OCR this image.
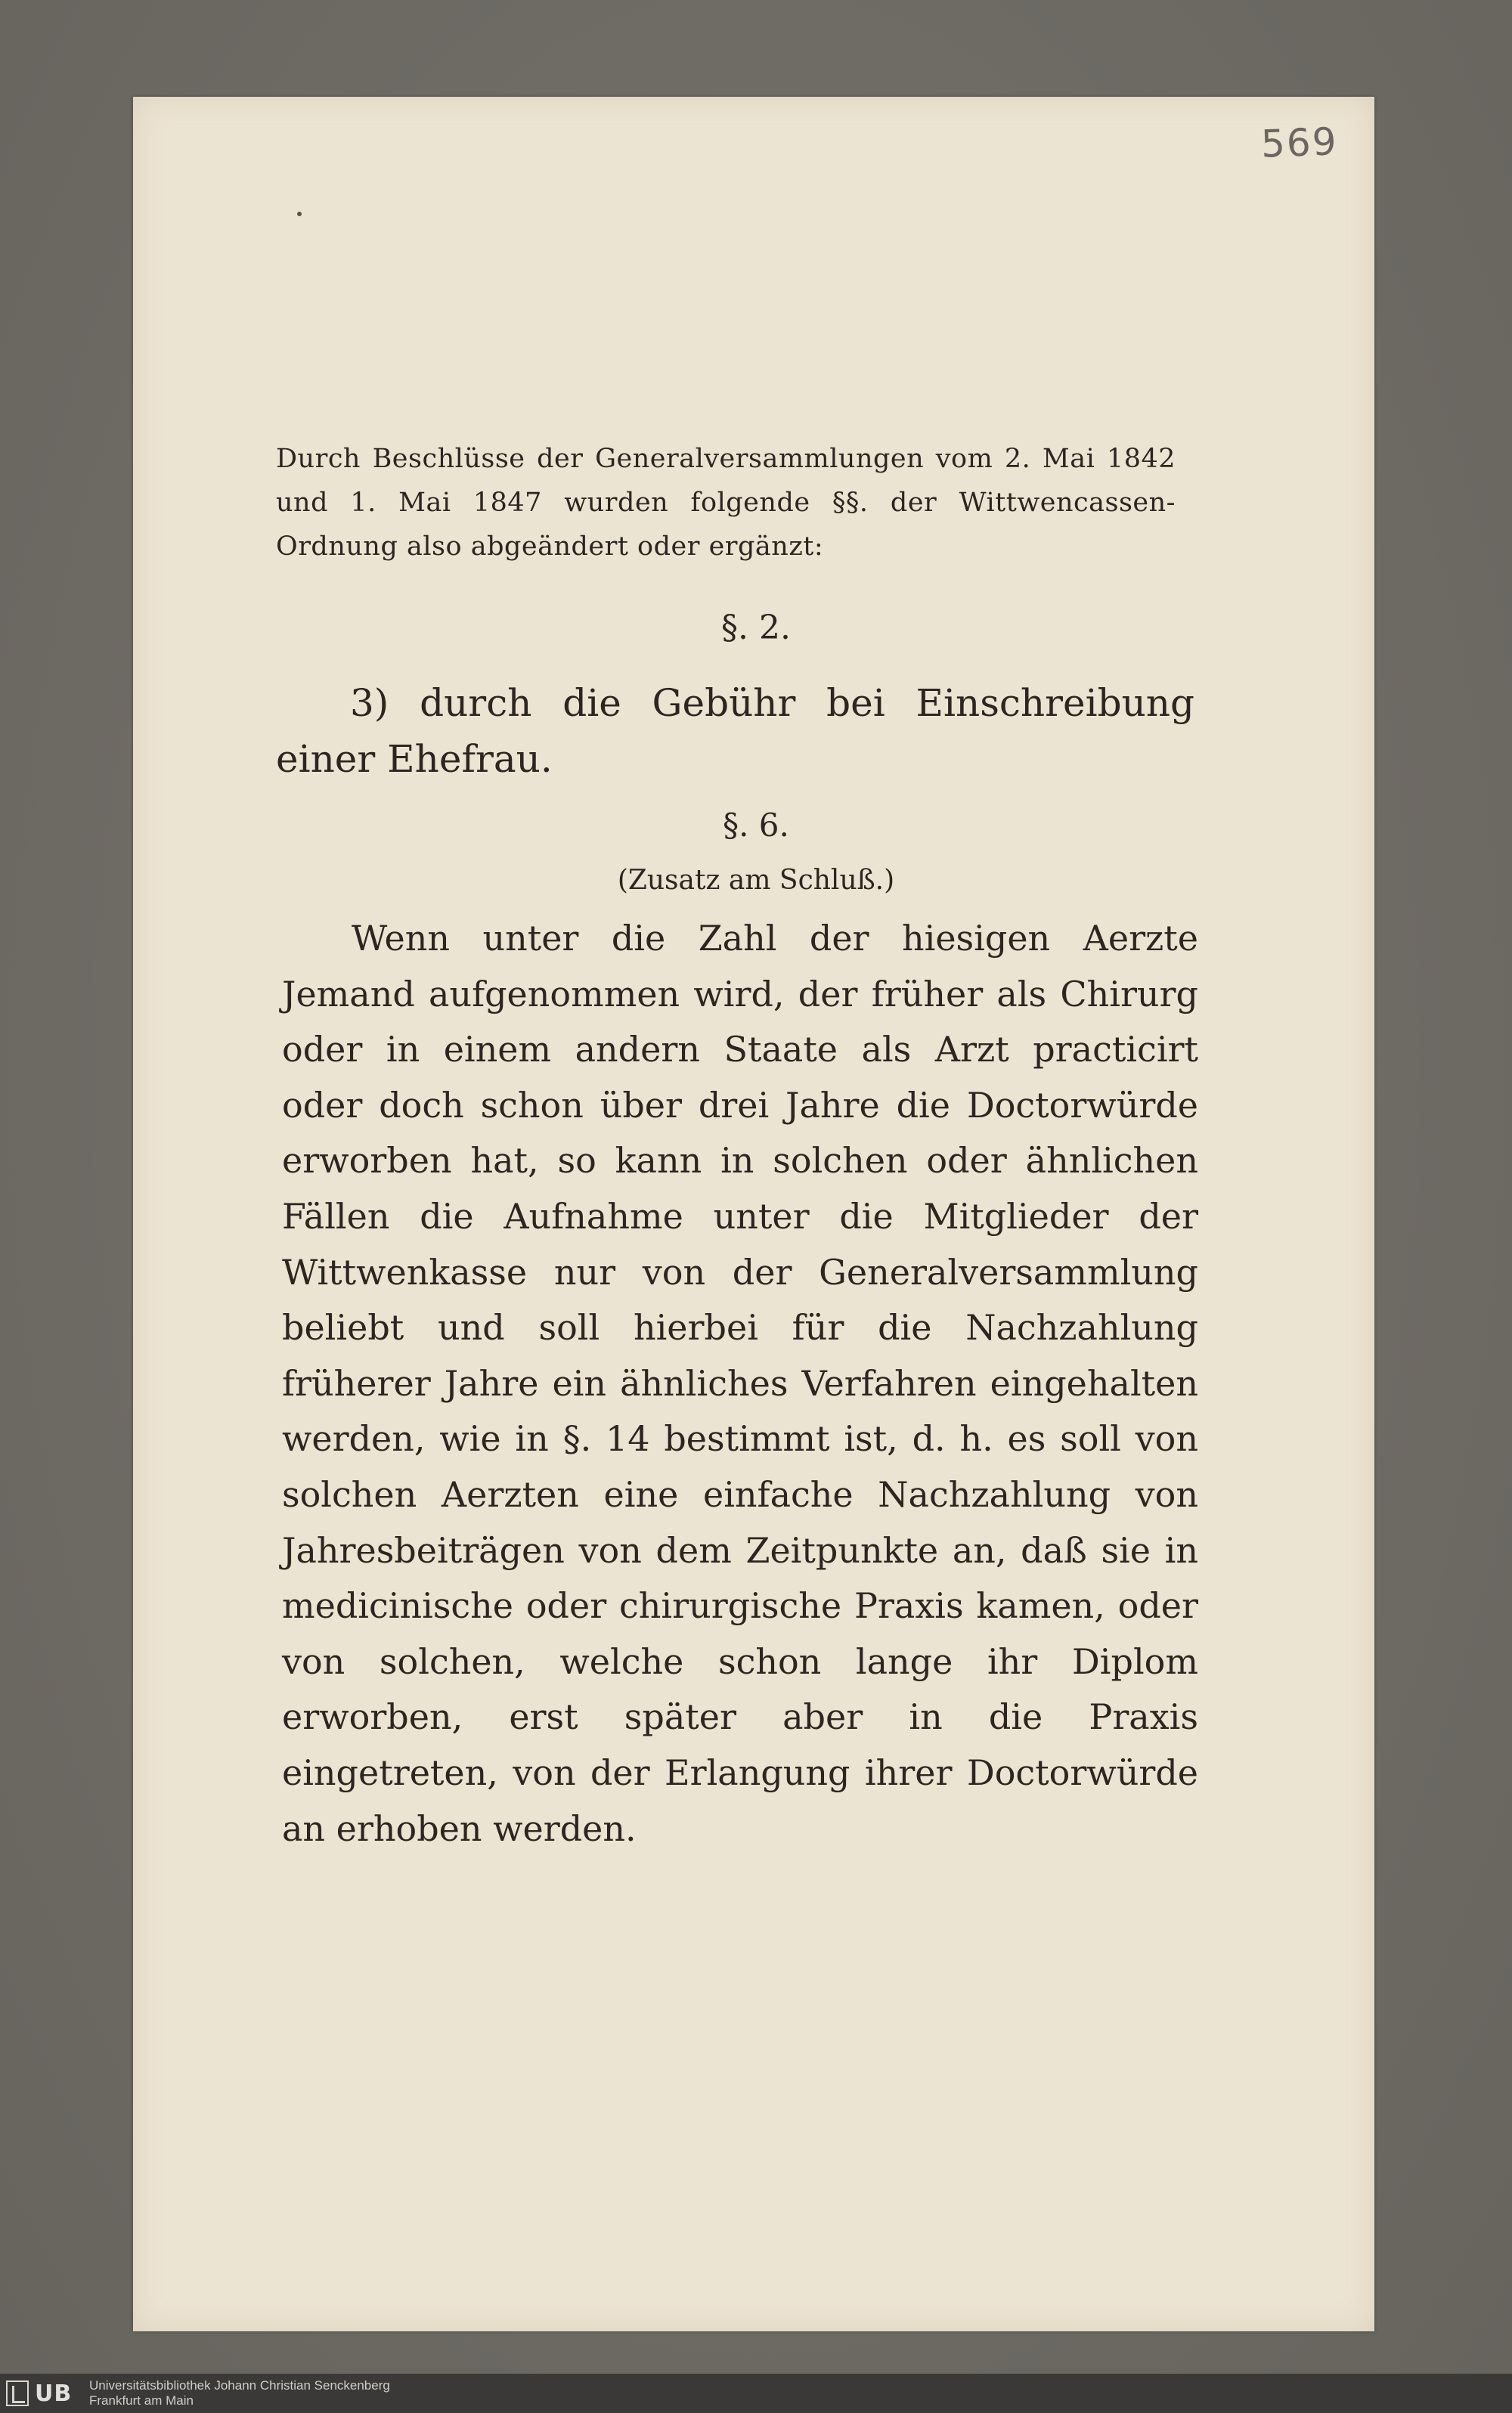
569
Durch Beschlüsse der Generalversammlungen vom 2. Mai 1842 und 1. Mai 1847 wurden folgende §§. der Wittwencassen-Ordnung also abgeändert oder ergänzt:
§. 2.
3) durch die Gebühr bei Einschreibung einer Ehefrau.
§. 6.
(Zusatz am Schluß.)
Wenn unter die Zahl der hiesigen Aerzte Jemand aufgenommen wird, der früher als Chirurg oder in einem andern Staate als Arzt practicirt oder doch schon über drei Jahre die Doctorwürde erworben hat, so kann in solchen oder ähnlichen Fällen die Aufnahme unter die Mitglieder der Wittwenkasse nur von der Generalversammlung beliebt und soll hierbei für die Nachzahlung früherer Jahre ein ähnliches Verfahren eingehalten werden, wie in §. 14 bestimmt ist, d. h. es soll von solchen Aerzten eine einfache Nachzahlung von Jahresbeiträgen von dem Zeitpunkte an, daß sie in medicinische oder chirurgische Praxis kamen, oder von solchen, welche schon lange ihr Diplom erworben, erst später aber in die Praxis eingetreten, von der Erlangung ihrer Doctorwürde an erhoben werden.
UB Universitätsbibliothek Johann Christian Senckenberg
Frankfurt am Main
